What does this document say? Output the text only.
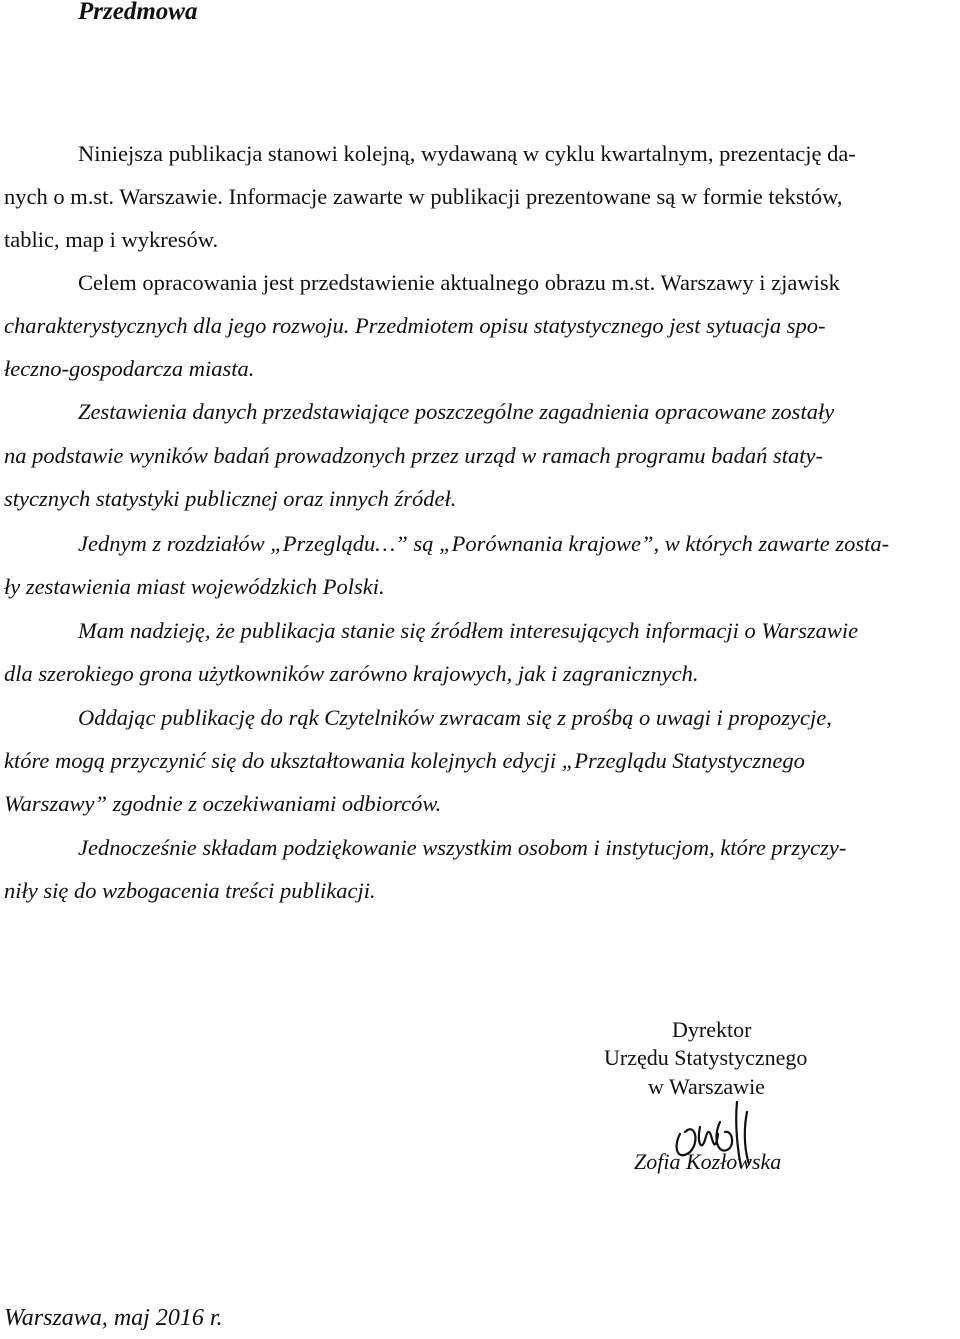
Przedmowa

Niniejsza publikacja stanowi kolejną, wydawaną w cyklu kwartalnym, prezentację da-

nych o m.st. Warszawie. Informacje zawarte w publikacji prezentowane są w formie tekstów,

tablic, map i wykresów.

Celem opracowania jest przedstawienie aktualnego obrazu m.st. Warszawy i zjawisk

charakterystycznych dla jego rozwoju. Przedmiotem opisu statystycznego jest sytuacja spo-

łeczno-gospodarcza miasta.

Zestawienia danych przedstawiające poszczególne zagadnienia opracowane zostały

na podstawie wyników badań prowadzonych przez urząd w ramach programu badań staty-

stycznych statystyki publicznej oraz innych źródeł.

Jednym z rozdziałów „Przeglądu…” są „Porównania krajowe”, w których zawarte zosta-

ły zestawienia miast wojewódzkich Polski.

Mam nadzieję, że publikacja stanie się źródłem interesujących informacji o Warszawie

dla szerokiego grona użytkowników zarówno krajowych, jak i zagranicznych.

Oddając publikację do rąk Czytelników zwracam się z prośbą o uwagi i propozycje,

które mogą przyczynić się do ukształtowania kolejnych edycji „Przeglądu Statystycznego

Warszawy” zgodnie z oczekiwaniami odbiorców.

Jednocześnie składam podziękowanie wszystkim osobom i instytucjom, które przyczy-

niły się do wzbogacenia treści publikacji.

Dyrektor

Urzędu Statystycznego

w Warszawie

Zofia Kozłowska

Warszawa, maj 2016 r.
